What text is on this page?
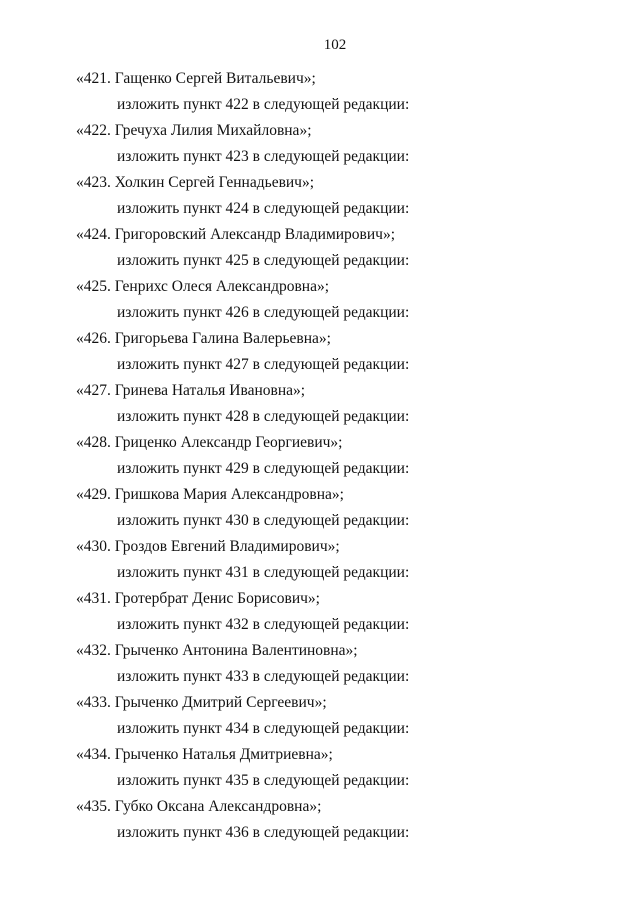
102
«421. Гащенко Сергей Витальевич»;
изложить пункт 422 в следующей редакции:
«422. Гречуха Лилия Михайловна»;
изложить пункт 423 в следующей редакции:
«423. Холкин Сергей Геннадьевич»;
изложить пункт 424 в следующей редакции:
«424. Григоровский Александр Владимирович»;
изложить пункт 425 в следующей редакции:
«425. Генрихс Олеся Александровна»;
изложить пункт 426 в следующей редакции:
«426. Григорьева Галина Валерьевна»;
изложить пункт 427 в следующей редакции:
«427. Гринева Наталья Ивановна»;
изложить пункт 428 в следующей редакции:
«428. Гриценко Александр Георгиевич»;
изложить пункт 429 в следующей редакции:
«429. Гришкова Мария Александровна»;
изложить пункт 430 в следующей редакции:
«430. Гроздов Евгений Владимирович»;
изложить пункт 431 в следующей редакции:
«431. Гротербрат Денис Борисович»;
изложить пункт 432 в следующей редакции:
«432. Грыченко Антонина Валентиновна»;
изложить пункт 433 в следующей редакции:
«433. Грыченко Дмитрий Сергеевич»;
изложить пункт 434 в следующей редакции:
«434. Грыченко Наталья Дмитриевна»;
изложить пункт 435 в следующей редакции:
«435. Губко Оксана Александровна»;
изложить пункт 436 в следующей редакции:
